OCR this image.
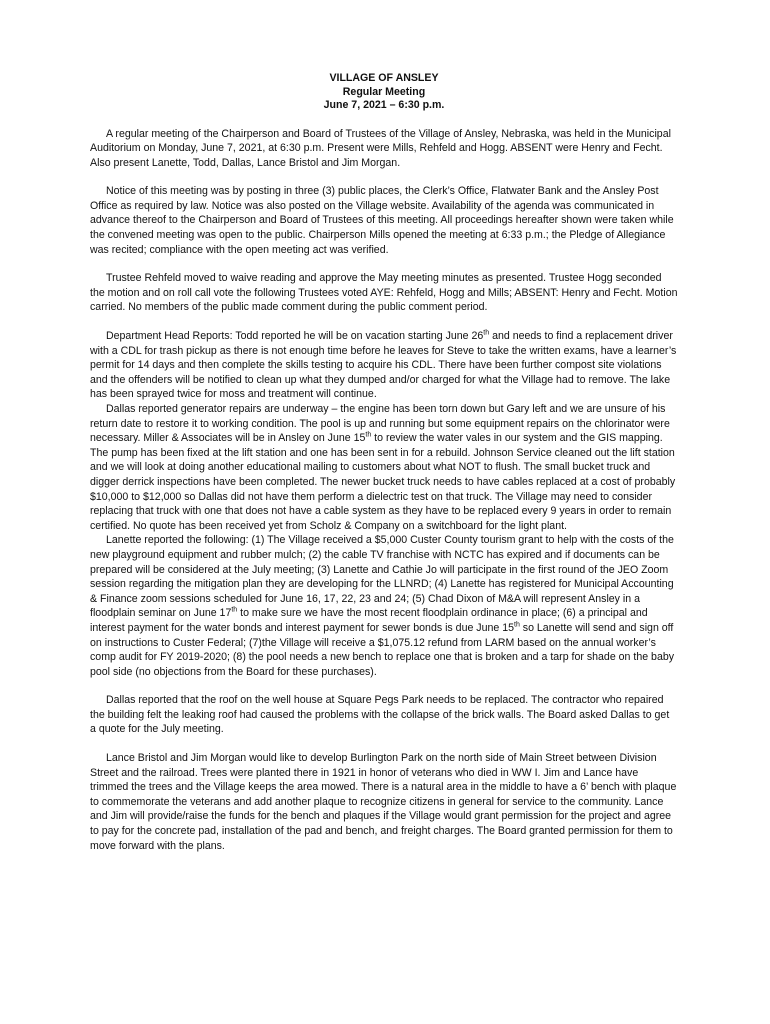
VILLAGE OF ANSLEY
Regular Meeting
June 7, 2021 – 6:30 p.m.

A regular meeting of the Chairperson and Board of Trustees of the Village of Ansley, Nebraska, was held in the Municipal Auditorium on Monday, June 7, 2021, at 6:30 p.m. Present were Mills, Rehfeld and Hogg. ABSENT were Henry and Fecht. Also present Lanette, Todd, Dallas, Lance Bristol and Jim Morgan.

Notice of this meeting was by posting in three (3) public places, the Clerk’s Office, Flatwater Bank and the Ansley Post Office as required by law. Notice was also posted on the Village website. Availability of the agenda was communicated in advance thereof to the Chairperson and Board of Trustees of this meeting. All proceedings hereafter shown were taken while the convened meeting was open to the public. Chairperson Mills opened the meeting at 6:33 p.m.; the Pledge of Allegiance was recited; compliance with the open meeting act was verified.

Trustee Rehfeld moved to waive reading and approve the May meeting minutes as presented. Trustee Hogg seconded the motion and on roll call vote the following Trustees voted AYE: Rehfeld, Hogg and Mills; ABSENT: Henry and Fecht. Motion carried. No members of the public made comment during the public comment period.

Department Head Reports: Todd reported he will be on vacation starting June 26th and needs to find a replacement driver with a CDL for trash pickup as there is not enough time before he leaves for Steve to take the written exams, have a learner’s permit for 14 days and then complete the skills testing to acquire his CDL. There have been further compost site violations and the offenders will be notified to clean up what they dumped and/or charged for what the Village had to remove. The lake has been sprayed twice for moss and treatment will continue.

Dallas reported generator repairs are underway – the engine has been torn down but Gary left and we are unsure of his return date to restore it to working condition. The pool is up and running but some equipment repairs on the chlorinator were necessary. Miller & Associates will be in Ansley on June 15th to review the water vales in our system and the GIS mapping. The pump has been fixed at the lift station and one has been sent in for a rebuild. Johnson Service cleaned out the lift station and we will look at doing another educational mailing to customers about what NOT to flush. The small bucket truck and digger derrick inspections have been completed. The newer bucket truck needs to have cables replaced at a cost of probably $10,000 to $12,000 so Dallas did not have them perform a dielectric test on that truck. The Village may need to consider replacing that truck with one that does not have a cable system as they have to be replaced every 9 years in order to remain certified. No quote has been received yet from Scholz & Company on a switchboard for the light plant.

Lanette reported the following: (1) The Village received a $5,000 Custer County tourism grant to help with the costs of the new playground equipment and rubber mulch; (2) the cable TV franchise with NCTC has expired and if documents can be prepared will be considered at the July meeting; (3) Lanette and Cathie Jo will participate in the first round of the JEO Zoom session regarding the mitigation plan they are developing for the LLNRD; (4) Lanette has registered for Municipal Accounting & Finance zoom sessions scheduled for June 16, 17, 22, 23 and 24; (5) Chad Dixon of M&A will represent Ansley in a floodplain seminar on June 17th to make sure we have the most recent floodplain ordinance in place; (6) a principal and interest payment for the water bonds and interest payment for sewer bonds is due June 15th so Lanette will send and sign off on instructions to Custer Federal; (7)the Village will receive a $1,075.12 refund from LARM based on the annual worker’s comp audit for FY 2019-2020; (8) the pool needs a new bench to replace one that is broken and a tarp for shade on the baby pool side (no objections from the Board for these purchases).

Dallas reported that the roof on the well house at Square Pegs Park needs to be replaced. The contractor who repaired the building felt the leaking roof had caused the problems with the collapse of the brick walls. The Board asked Dallas to get a quote for the July meeting.

Lance Bristol and Jim Morgan would like to develop Burlington Park on the north side of Main Street between Division Street and the railroad. Trees were planted there in 1921 in honor of veterans who died in WW I. Jim and Lance have trimmed the trees and the Village keeps the area mowed. There is a natural area in the middle to have a 6’ bench with plaque to commemorate the veterans and add another plaque to recognize citizens in general for service to the community. Lance and Jim will provide/raise the funds for the bench and plaques if the Village would grant permission for the project and agree to pay for the concrete pad, installation of the pad and bench, and freight charges. The Board granted permission for them to move forward with the plans.
